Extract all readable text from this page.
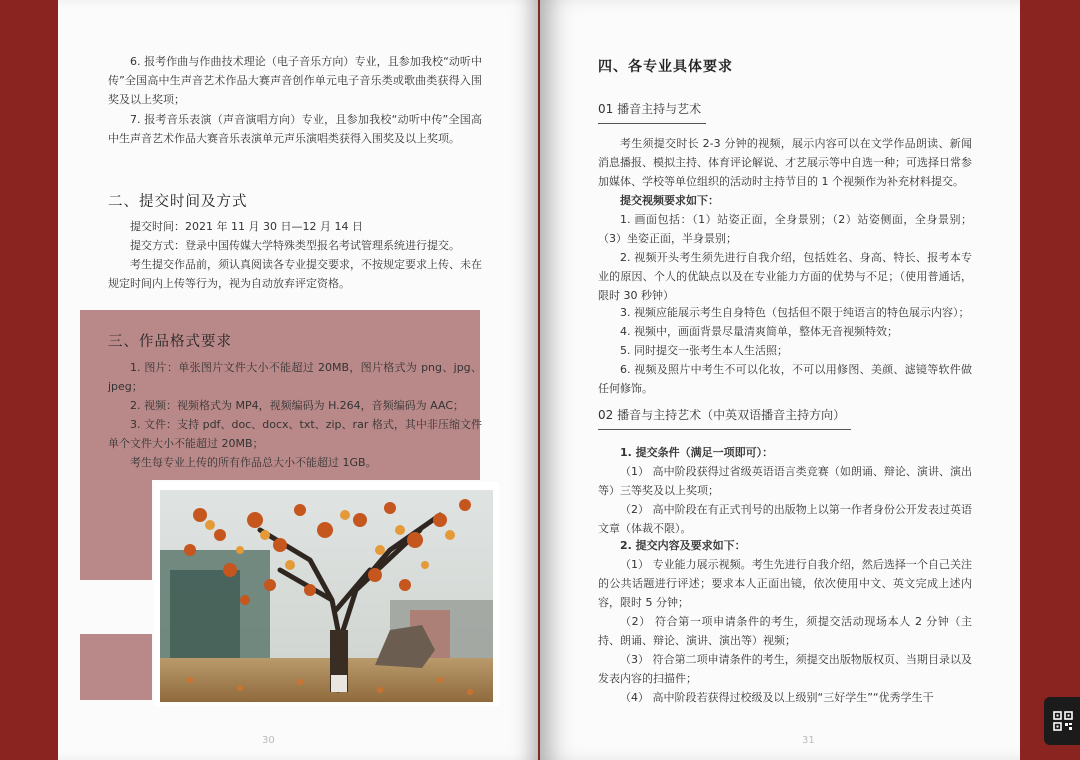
6. 报考作曲与作曲技术理论（电子音乐方向）专业，且参加我校“动听中传”全国高中生声音艺术作品大赛声音创作单元电子音乐类或歌曲类获得入围奖及以上奖项；

7. 报考音乐表演（声音演唱方向）专业，且参加我校“动听中传”全国高中生声音艺术作品大赛音乐表演单元声乐演唱类获得入围奖及以上奖项。

二、提交时间及方式

提交时间：2021 年 11 月 30 日—12 月 14 日

提交方式：登录中国传媒大学特殊类型报名考试管理系统进行提交。

考生提交作品前，须认真阅读各专业提交要求，不按规定要求上传、未在规定时间内上传等行为，视为自动放弃评定资格。

三、作品格式要求

1. 图片：单张图片文件大小不能超过 20MB，图片格式为 png、jpg、jpeg；

2. 视频：视频格式为 MP4，视频编码为 H.264，音频编码为 AAC；

3. 文件：支持 pdf、doc、docx、txt、zip、rar 格式，其中非压缩文件单个文件大小不能超过 20MB；

考生每专业上传的所有作品总大小不能超过 1GB。

30
四、各专业具体要求
01 播音主持与艺术

考生须提交时长 2-3 分钟的视频，展示内容可以在文学作品朗读、新闻消息播报、模拟主持、体育评论解说、才艺展示等中自选一种；可选择日常参加媒体、学校等单位组织的活动时主持节目的 1 个视频作为补充材料提交。

提交视频要求如下：

1. 画面包括：（1）站姿正面，全身景别；（2）站姿侧面，全身景别；（3）坐姿正面，半身景别；

2. 视频开头考生须先进行自我介绍，包括姓名、身高、特长、报考本专业的原因、个人的优缺点以及在专业能力方面的优势与不足；（使用普通话，限时 30 秒钟）

3. 视频应能展示考生自身特色（包括但不限于纯语言的特色展示内容）；

4. 视频中，画面背景尽量清爽简单，整体无音视频特效；

5. 同时提交一张考生本人生活照；

6. 视频及照片中考生不可以化妆，不可以用修图、美颜、滤镜等软件做任何修饰。

02 播音与主持艺术（中英双语播音主持方向）

1. 提交条件（满足一项即可）：

（1） 高中阶段获得过省级英语语言类竞赛（如朗诵、辩论、演讲、演出等）三等奖及以上奖项；

（2） 高中阶段在有正式刊号的出版物上以第一作者身份公开发表过英语文章（体裁不限）。

2. 提交内容及要求如下：

（1） 专业能力展示视频。考生先进行自我介绍，然后选择一个自己关注的公共话题进行评述；要求本人正面出镜，依次使用中文、英文完成上述内容，限时 5 分钟；

（2） 符合第一项申请条件的考生，须提交活动现场本人 2 分钟（主持、朗诵、辩论、演讲、演出等）视频；

（3） 符合第二项申请条件的考生，须提交出版物版权页、当期目录以及发表内容的扫描件；

（4） 高中阶段若获得过校级及以上级别“三好学生”“优秀学生干

31
